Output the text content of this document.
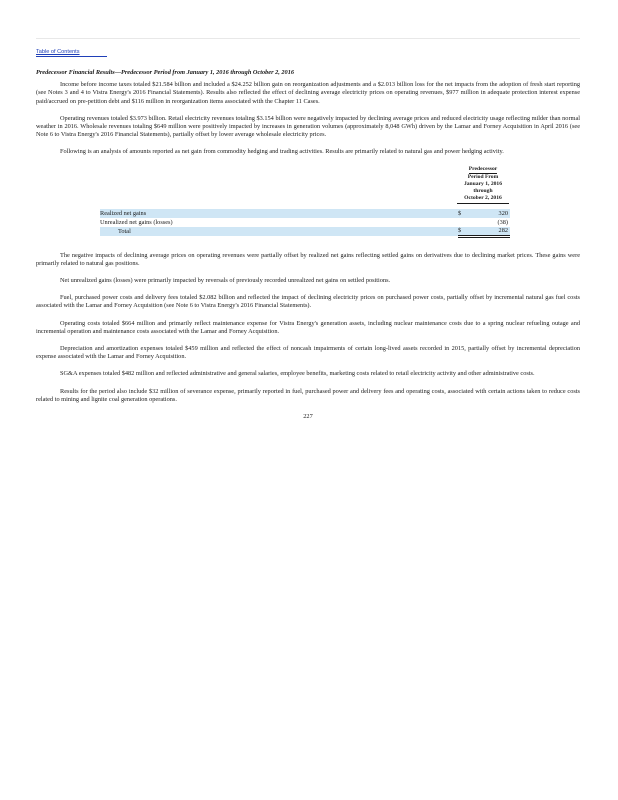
Table of Contents

Predecessor Financial Results—Predecessor Period from January 1, 2016 through October 2, 2016

Income before income taxes totaled $21.584 billion and included a $24.252 billion gain on reorganization adjustments and a $2.013 billion loss for the net impacts from the adoption of fresh start reporting (see Notes 3 and 4 to Vistra Energy's 2016 Financial Statements). Results also reflected the effect of declining average electricity prices on operating revenues, $977 million in adequate protection interest expense paid/accrued on pre-petition debt and $116 million in reorganization items associated with the Chapter 11 Cases.

Operating revenues totaled $3.973 billion. Retail electricity revenues totaling $3.154 billion were negatively impacted by declining average prices and reduced electricity usage reflecting milder than normal weather in 2016. Wholesale revenues totaling $649 million were positively impacted by increases in generation volumes (approximately 8,048 GWh) driven by the Lamar and Forney Acquisition in April 2016 (see Note 6 to Vistra Energy's 2016 Financial Statements), partially offset by lower average wholesale electricity prices.

Following is an analysis of amounts reported as net gain from commodity hedging and trading activities. Results are primarily related to natural gas and power hedging activity.

Predecessor
Period From
January 1, 2016
through
October 2, 2016
Realized net gains	$	320
Unrealized net gains (losses)	(38)
Total	$	282

The negative impacts of declining average prices on operating revenues were partially offset by realized net gains reflecting settled gains on derivatives due to declining market prices. These gains were primarily related to natural gas positions.

Net unrealized gains (losses) were primarily impacted by reversals of previously recorded unrealized net gains on settled positions.

Fuel, purchased power costs and delivery fees totaled $2.082 billion and reflected the impact of declining electricity prices on purchased power costs, partially offset by incremental natural gas fuel costs associated with the Lamar and Forney Acquisition (see Note 6 to Vistra Energy's 2016 Financial Statements).

Operating costs totaled $664 million and primarily reflect maintenance expense for Vistra Energy's generation assets, including nuclear maintenance costs due to a spring nuclear refueling outage and incremental operation and maintenance costs associated with the Lamar and Forney Acquisition.

Depreciation and amortization expenses totaled $459 million and reflected the effect of noncash impairments of certain long-lived assets recorded in 2015, partially offset by incremental depreciation expense associated with the Lamar and Forney Acquisition.

SG&A expenses totaled $482 million and reflected administrative and general salaries, employee benefits, marketing costs related to retail electricity activity and other administrative costs.

Results for the period also include $32 million of severance expense, primarily reported in fuel, purchased power and delivery fees and operating costs, associated with certain actions taken to reduce costs related to mining and lignite coal generation operations.

227
